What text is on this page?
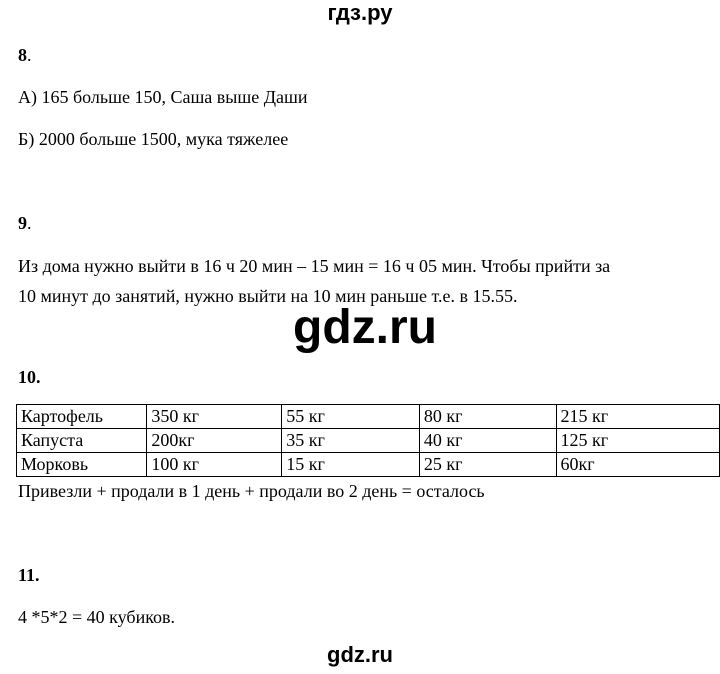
гдз.ру
8.
А) 165 больше 150, Саша выше Даши
Б) 2000 больше 1500, мука тяжелее
9.
Из дома нужно выйти в 16 ч 20 мин – 15 мин = 16 ч 05 мин. Чтобы прийти за
10 минут до занятий, нужно выйти на 10 мин раньше т.е. в 15.55.
gdz.ru
10.
Картофель	350 кг	55 кг	80 кг	215 кг
Капуста	200кг	35 кг	40 кг	125 кг
Морковь	100 кг	15 кг	25 кг	60кг
Привезли + продали в 1 день + продали во 2 день = осталось
11.
4 *5*2 = 40 кубиков.
gdz.ru
